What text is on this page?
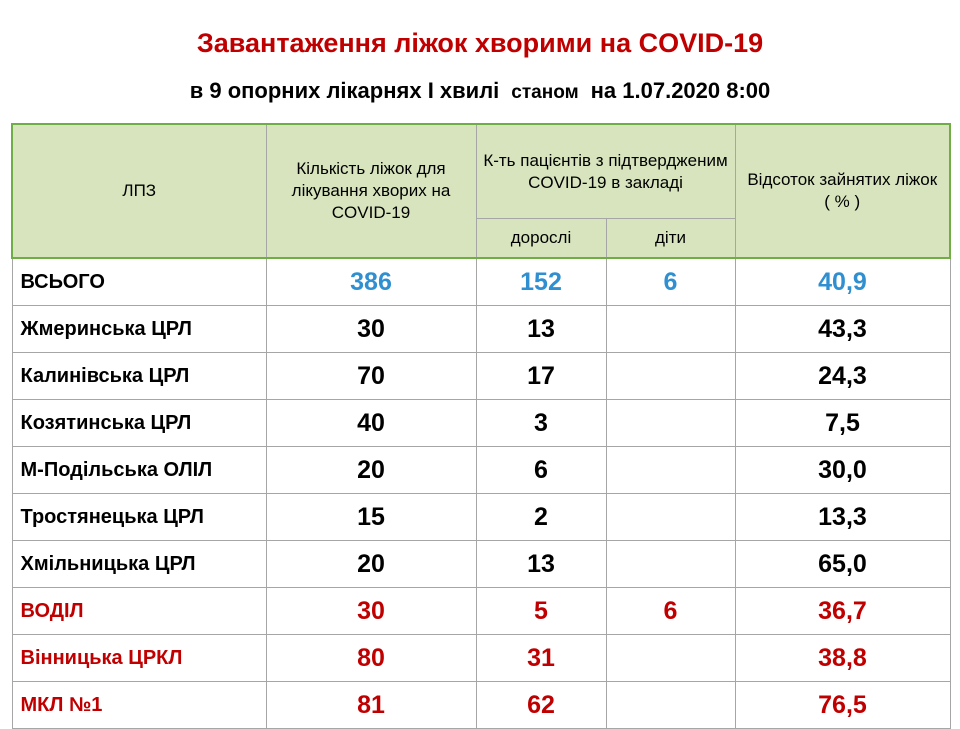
Завантаження ліжок хворими на COVID-19
в 9 опорних лікарнях І хвилі станом на 1.07.2020 8:00
ЛПЗ	Кількість ліжок для лікування хворих на COVID-19	К-ть пацієнтів з підтвердженим COVID-19 в закладі		Відсоток зайнятих ліжок
( % )

		дорослі	діти	
ВСЬОГО	386	152	6	40,9
Жмеринська ЦРЛ	30	13		43,3
Калинівська ЦРЛ	70	17		24,3
Козятинська ЦРЛ	40	3		7,5
М-Подільська ОЛІЛ	20	6		30,0
Тростянецька ЦРЛ	15	2		13,3
Хмільницька ЦРЛ	20	13		65,0
ВОДІЛ	30	5	6	36,7
Вінницька ЦРКЛ	80	31		38,8
МКЛ №1	81	62		76,5
